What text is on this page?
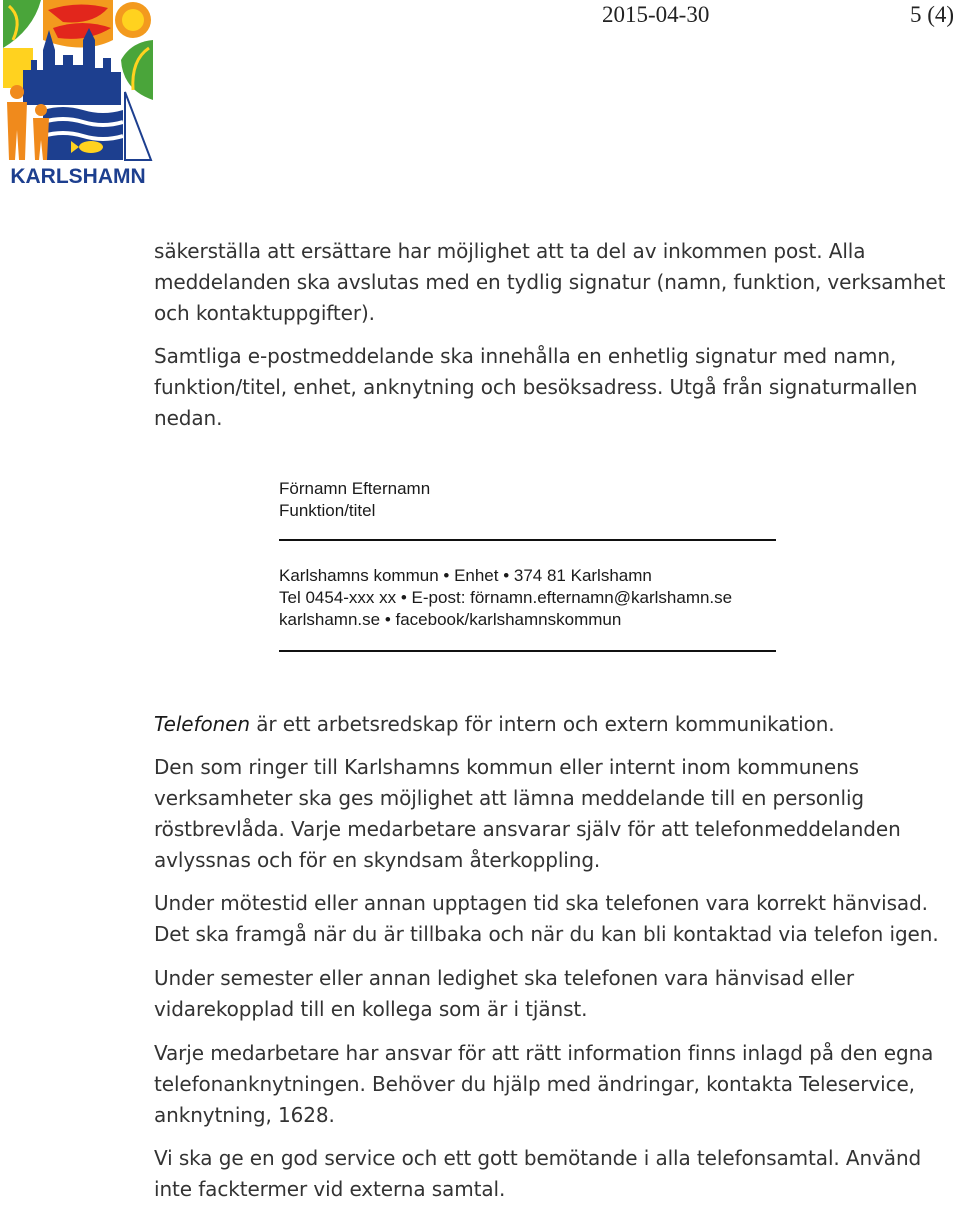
KARLSHAMN
2015-04-30	5 (4)
säkerställa att ersättare har möjlighet att ta del av inkommen post. Alla
meddelanden ska avslutas med en tydlig signatur (namn, funktion, verksamhet
och kontaktuppgifter).
Samtliga e-postmeddelande ska innehålla en enhetlig signatur med namn,
funktion/titel, enhet, anknytning och besöksadress. Utgå från signaturmallen
nedan.
Förnamn Efternamn
Funktion/titel
Karlshamns kommun • Enhet • 374 81 Karlshamn
Tel 0454-xxx xx • E-post: förnamn.efternamn@karlshamn.se
karlshamn.se • facebook/karlshamnskommun
Telefonen är ett arbetsredskap för intern och extern kommunikation.
Den som ringer till Karlshamns kommun eller internt inom kommunens
verksamheter ska ges möjlighet att lämna meddelande till en personlig
röstbrevlåda. Varje medarbetare ansvarar själv för att telefonmeddelanden
avlyssnas och för en skyndsam återkoppling.
Under mötestid eller annan upptagen tid ska telefonen vara korrekt hänvisad.
Det ska framgå när du är tillbaka och när du kan bli kontaktad via telefon igen.
Under semester eller annan ledighet ska telefonen vara hänvisad eller
vidarekopplad till en kollega som är i tjänst.
Varje medarbetare har ansvar för att rätt information finns inlagd på den egna
telefonanknytningen. Behöver du hjälp med ändringar, kontakta Teleservice,
anknytning, 1628.
Vi ska ge en god service och ett gott bemötande i alla telefonsamtal. Använd
inte facktermer vid externa samtal.
